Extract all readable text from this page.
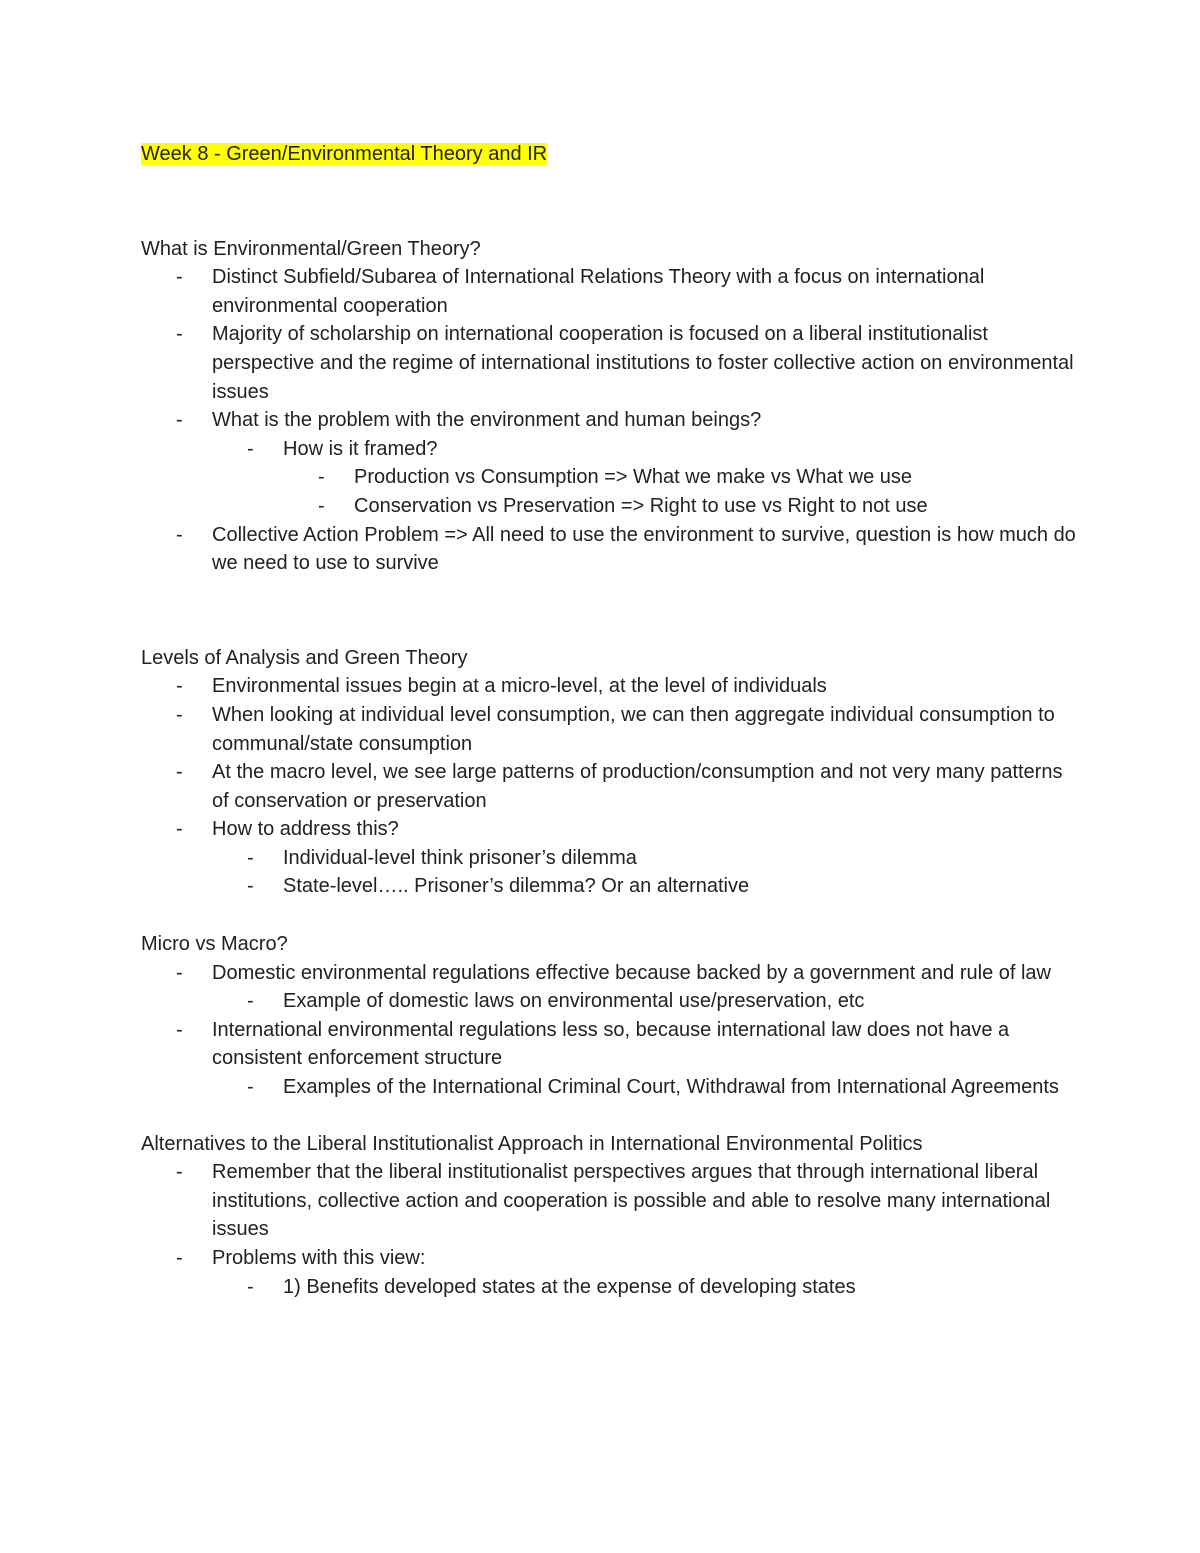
Week 8 - Green/Environmental Theory and IR
What is Environmental/Green Theory?
- Distinct Subfield/Subarea of International Relations Theory with a focus on international environmental cooperation
- Majority of scholarship on international cooperation is focused on a liberal institutionalist perspective and the regime of international institutions to foster collective action on environmental issues
- What is the problem with the environment and human beings?
- How is it framed?
- Production vs Consumption => What we make vs What we use
- Conservation vs Preservation => Right to use vs Right to not use
- Collective Action Problem => All need to use the environment to survive, question is how much do we need to use to survive
Levels of Analysis and Green Theory
- Environmental issues begin at a micro-level, at the level of individuals
- When looking at individual level consumption, we can then aggregate individual consumption to communal/state consumption
- At the macro level, we see large patterns of production/consumption and not very many patterns of conservation or preservation
- How to address this?
- Individual-level think prisoner’s dilemma
- State-level….. Prisoner’s dilemma? Or an alternative
Micro vs Macro?
- Domestic environmental regulations effective because backed by a government and rule of law
- Example of domestic laws on environmental use/preservation, etc
- International environmental regulations less so, because international law does not have a consistent enforcement structure
- Examples of the International Criminal Court, Withdrawal from International Agreements
Alternatives to the Liberal Institutionalist Approach in International Environmental Politics
- Remember that the liberal institutionalist perspectives argues that through international liberal institutions, collective action and cooperation is possible and able to resolve many international issues
- Problems with this view:
- 1) Benefits developed states at the expense of developing states
